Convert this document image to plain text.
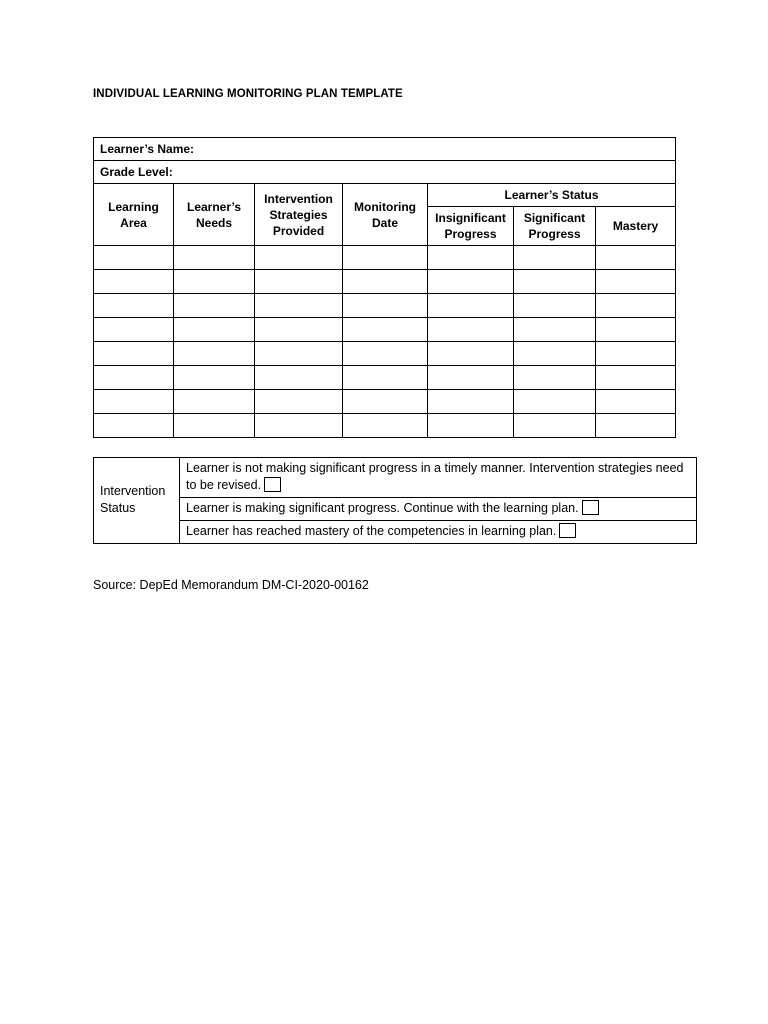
INDIVIDUAL LEARNING MONITORING PLAN TEMPLATE
Learner’s Name:						
Grade Level:						
Learning Area	Learner’s Needs	Intervention Strategies Provided	Monitoring Date	Learner’s Status		
				Insignificant Progress	Significant Progress	Mastery

Intervention Status	Learner is not making significant progress in a timely manner. Intervention strategies need to be revised.
Learner is making significant progress. Continue with the learning plan.
Learner has reached mastery of the competencies in learning plan.
Source: DepEd Memorandum DM-CI-2020-00162
